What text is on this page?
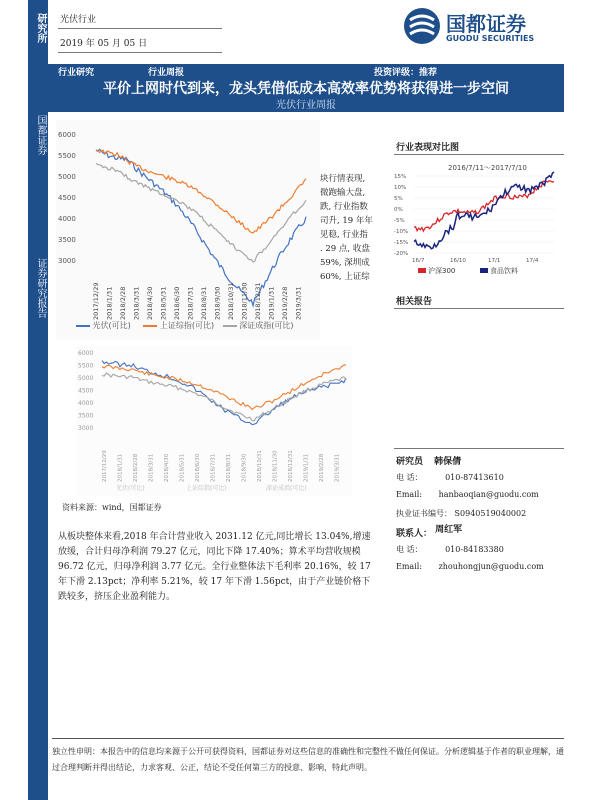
研究所
国都证券
证券研究报告
光伏行业
2019 年 05 月 05 日
国都证券
GUODU SECURITIES
行业研究	行业周报	投资评级：推荐
平价上网时代到来，龙头凭借低成本高效率优势将获得进一步空间
光伏行业周报
块行情表现,
微跑输大盘,
跌, 行业指数
司升, 19 年年
见稳, 行业指
. 29 点, 收盘
59%, 深圳成
60%, 上证综
6000
5500
5000
4500
4000
3500
3000
2017/12/29 2018/1/31 2018/2/28 2018/3/31 2018/4/30 2018/5/31 2018/6/30 2018/7/31 2018/8/31 2018/9/30 2018/10/31 2018/11/30 2018/12/31 2019/1/31 2019/2/28 2019/3/31
光伏(可比)	上证综指(可比)	深证成指(可比)
6000
5500
5000
4500
4000
3500
3000
2017/12/29 2018/1/31 2018/2/28 2018/3/31 2018/4/30 2018/5/31 2018/6/30 2018/7/31 2018/8/31 2018/9/30 2018/10/31 2018/11/30 2018/12/31 2019/1/31 2019/2/28 2019/3/31
光伏(可比)	上证综指(可比)	深证成指(可比)
资料来源：wind，国都证券
从板块整体来看,2018 年合计营业收入 2031.12 亿元,同比增长 13.04%,增速放缓，合计归母净利润 79.27 亿元，同比下降 17.40%；算术平均营收规模 96.72 亿元，归母净利润 3.77 亿元。全行业整体法下毛利率 20.16%，较 17 年下滑 2.13pct；净利率 5.21%，较 17 年下滑 1.56pct，由于产业链价格下跌较多，挤压企业盈利能力。
行业表现对比图
2016/7/11～2017/7/10
15%
10%
5%
0%
-5%
-10%
-15%
-20%
16/7	16/10	17/1	17/4
沪深300	食品饮料
相关报告
研究员 韩保倩
电 话：	010-87413610
Email: hanbaoqian@guodu.com
执业证书编号： S0940519040002
联系人： 周红军
电 话：	010-84183380
Email: zhouhongjun@guodu.com
独立性申明：本报告中的信息均来源于公开可获得资料，国都证券对这些信息的准确性和完整性不做任何保证。分析逻辑基于作者的职业理解，通过合理判断并得出结论，力求客观、公正，结论不受任何第三方的授意、影响，特此声明。
